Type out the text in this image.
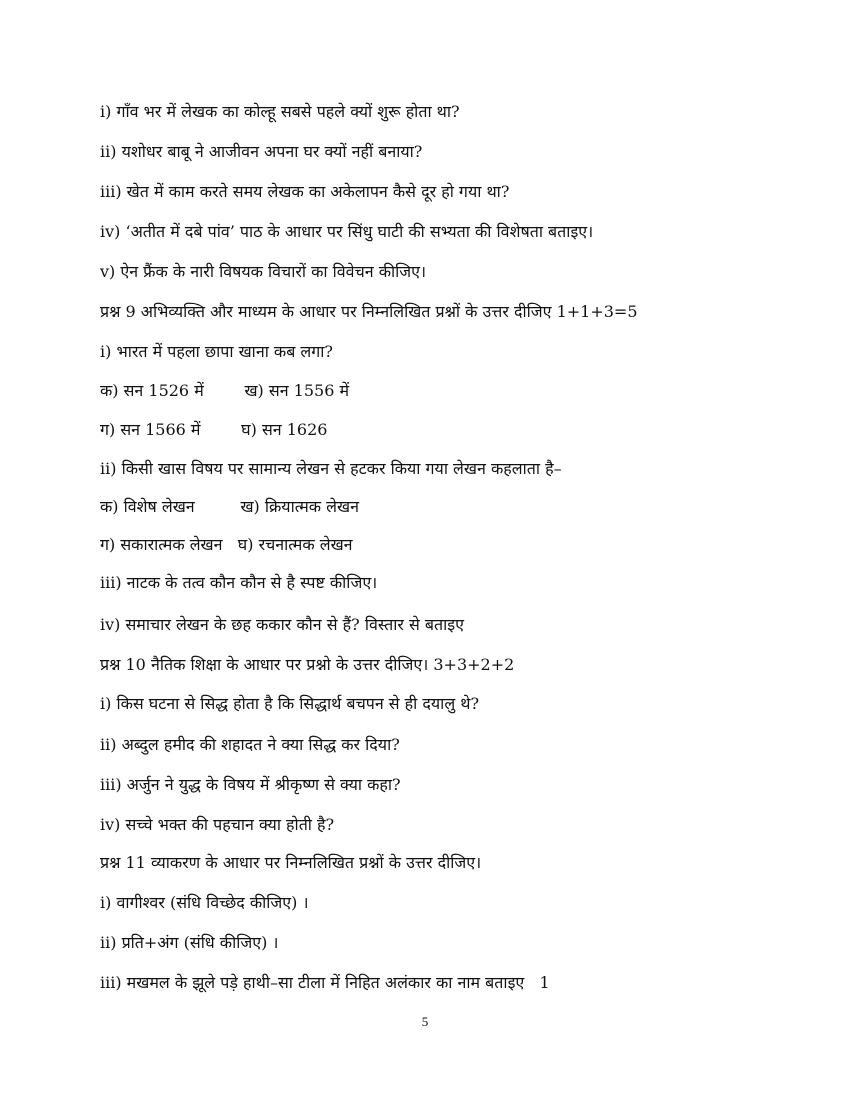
i) गाँव भर में लेखक का कोल्हू सबसे पहले क्यों शुरू होता था?
ii) यशोधर बाबू ने आजीवन अपना घर क्यों नहीं बनाया?
iii) खेत में काम करते समय लेखक का अकेलापन कैसे दूर हो गया था?
iv) ‘अतीत में दबे पांव’ पाठ के आधार पर सिंधु घाटी की सभ्यता की विशेषता बताइए।
v) ऐन फ्रैंक के नारी विषयक विचारों का विवेचन कीजिए।
प्रश्न 9 अभिव्यक्ति और माध्यम के आधार पर निम्नलिखित प्रश्नों के उत्तर दीजिए 1+1+3=5
i) भारत में पहला छापा खाना कब लगा?
क) सन 1526 में        ख) सन 1556 में
ग) सन 1566 में        घ) सन 1626
ii) किसी खास विषय पर सामान्य लेखन से हटकर किया गया लेखन कहलाता है–
क) विशेष लेखन         ख) क्रियात्मक लेखन
ग) सकारात्मक लेखन   घ) रचनात्मक लेखन
iii) नाटक के तत्व कौन कौन से है स्पष्ट कीजिए।
iv) समाचार लेखन के छह ककार कौन से हैं? विस्तार से बताइए
प्रश्न 10 नैतिक शिक्षा के आधार पर प्रश्नो के उत्तर दीजिए। 3+3+2+2
i) किस घटना से सिद्ध होता है कि सिद्धार्थ बचपन से ही दयालु थे?
ii) अब्दुल हमीद की शहादत ने क्या सिद्ध कर दिया?
iii) अर्जुन ने युद्ध के विषय में श्रीकृष्ण से क्या कहा?
iv) सच्चे भक्त की पहचान क्या होती है?
प्रश्न 11 व्याकरण के आधार पर निम्नलिखित प्रश्नों के उत्तर दीजिए।
i) वागीश्वर (संधि विच्छेद कीजिए) ।
ii) प्रति+अंग (संधि कीजिए) ।
iii) मखमल के झूले पड़े हाथी–सा टीला में निहित अलंकार का नाम बताइए   1
5
